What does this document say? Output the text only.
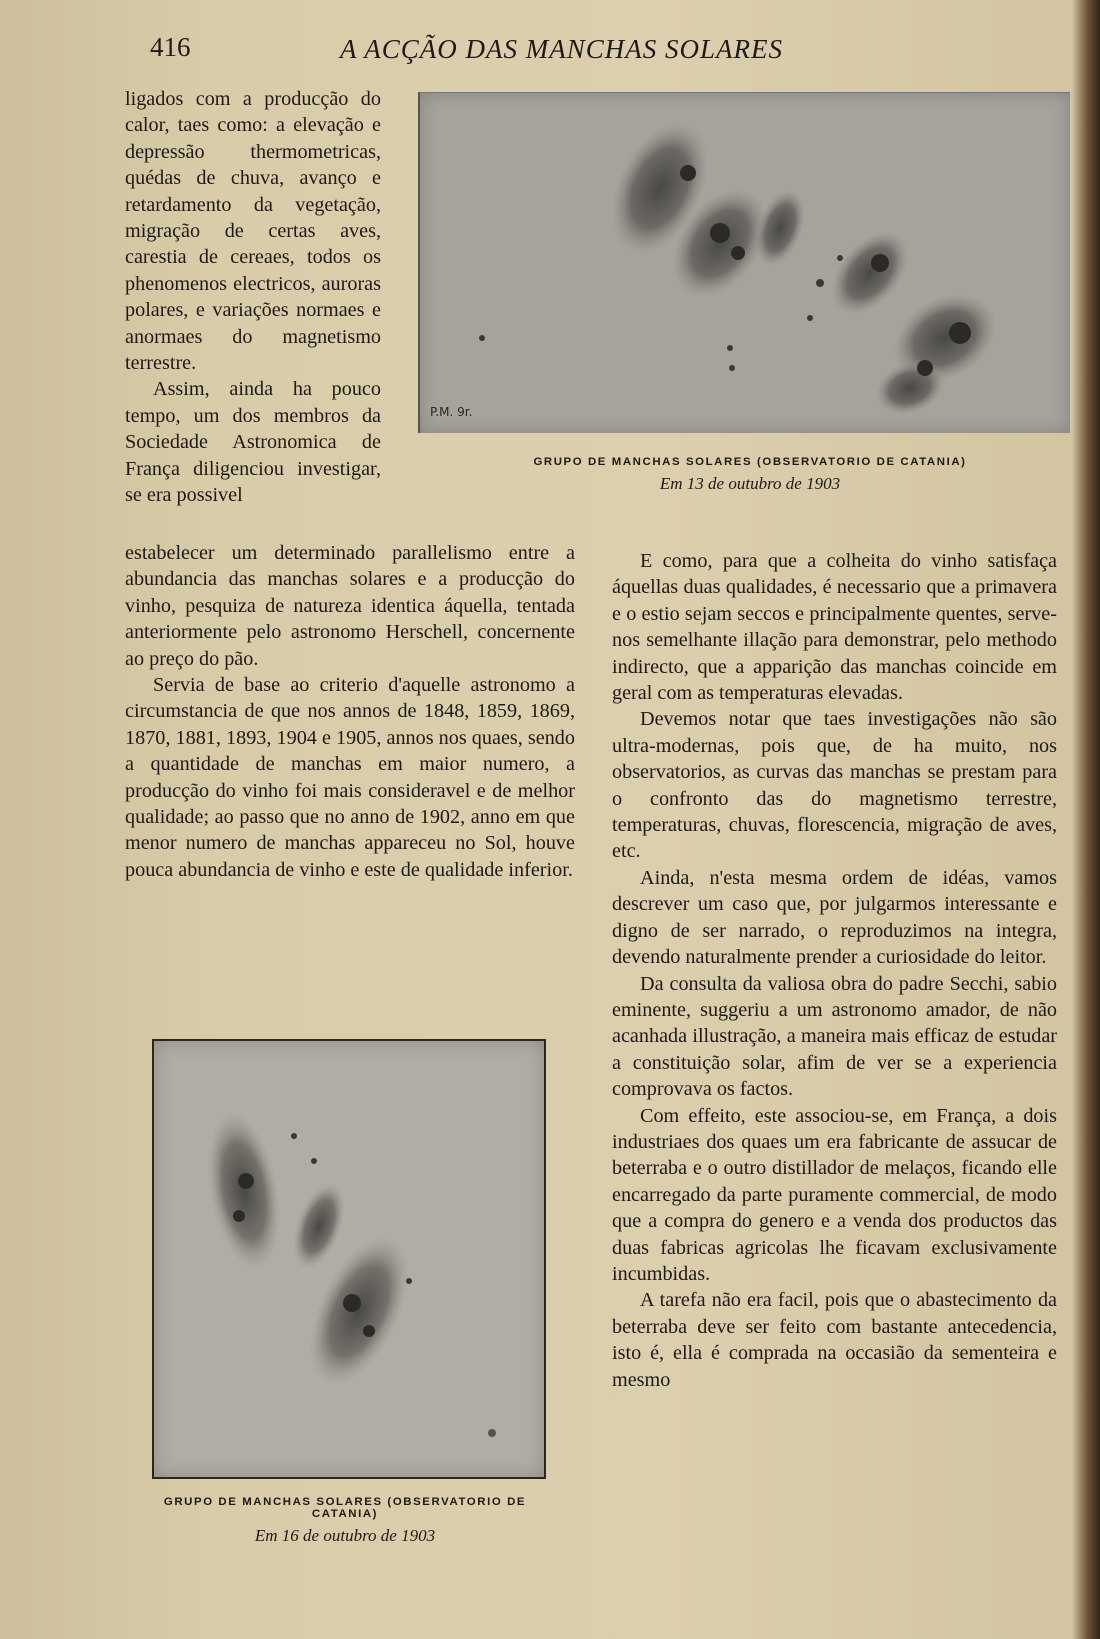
416	A ACÇÃO DAS MANCHAS SOLARES
P.M. 9r.
GRUPO DE MANCHAS SOLARES (OBSERVATORIO DE CATANIA)
Em 13 de outubro de 1903

ligados com a producção do calor, taes como: a elevação e depressão thermometricas, quédas de chuva, avanço e retardamento da vegetação, migração de certas aves, carestia de cereaes, todos os phenomenos electricos, auroras polares, e variações normaes e anormaes do magnetismo terrestre.

Assim, ainda ha pouco tempo, um dos membros da Sociedade Astronomica de França diligenciou investigar, se era possivel

estabelecer um determinado parallelismo entre a abundancia das manchas solares e a producção do vinho, pesquiza de natureza identica áquella, tentada anteriormente pelo astronomo Herschell, concernente ao preço do pão.

Servia de base ao criterio d'aquelle astronomo a circumstancia de que nos annos de 1848, 1859, 1869, 1870, 1881, 1893, 1904 e 1905, annos nos quaes, sendo a quantidade de manchas em maior numero, a producção do vinho foi mais consideravel e de melhor qualidade; ao passo que no anno de 1902, anno em que menor numero de manchas appareceu no Sol, houve pouca abundancia de vinho e este de qualidade inferior.

E como, para que a colheita do vinho satisfaça áquellas duas qualidades, é necessario que a primavera e o estio sejam seccos e principalmente quentes, serve-nos semelhante illação para demonstrar, pelo methodo indirecto, que a apparição das manchas coincide em geral com as temperaturas elevadas.

Devemos notar que taes investigações não são ultra-modernas, pois que, de ha muito, nos observatorios, as curvas das manchas se prestam para o confronto das do magnetismo terrestre, temperaturas, chuvas, florescencia, migração de aves, etc.

Ainda, n'esta mesma ordem de idéas, vamos descrever um caso que, por julgarmos interessante e digno de ser narrado, o reproduzimos na integra, devendo naturalmente prender a curiosidade do leitor.

Da consulta da valiosa obra do padre Secchi, sabio eminente, suggeriu a um astronomo amador, de não acanhada illustração, a maneira mais efficaz de estudar a constituição solar, afim de ver se a experiencia comprovava os factos.

Com effeito, este associou-se, em França, a dois industriaes dos quaes um era fabricante de assucar de beterraba e o outro distillador de melaços, ficando elle encarregado da parte puramente commercial, de modo que a compra do genero e a venda dos productos das duas fabricas agricolas lhe ficavam exclusivamente incumbidas.

A tarefa não era facil, pois que o abastecimento da beterraba deve ser feito com bastante antecedencia, isto é, ella é comprada na occasião da sementeira e mesmo

GRUPO DE MANCHAS SOLARES (OBSERVATORIO DE CATANIA)
Em 16 de outubro de 1903
